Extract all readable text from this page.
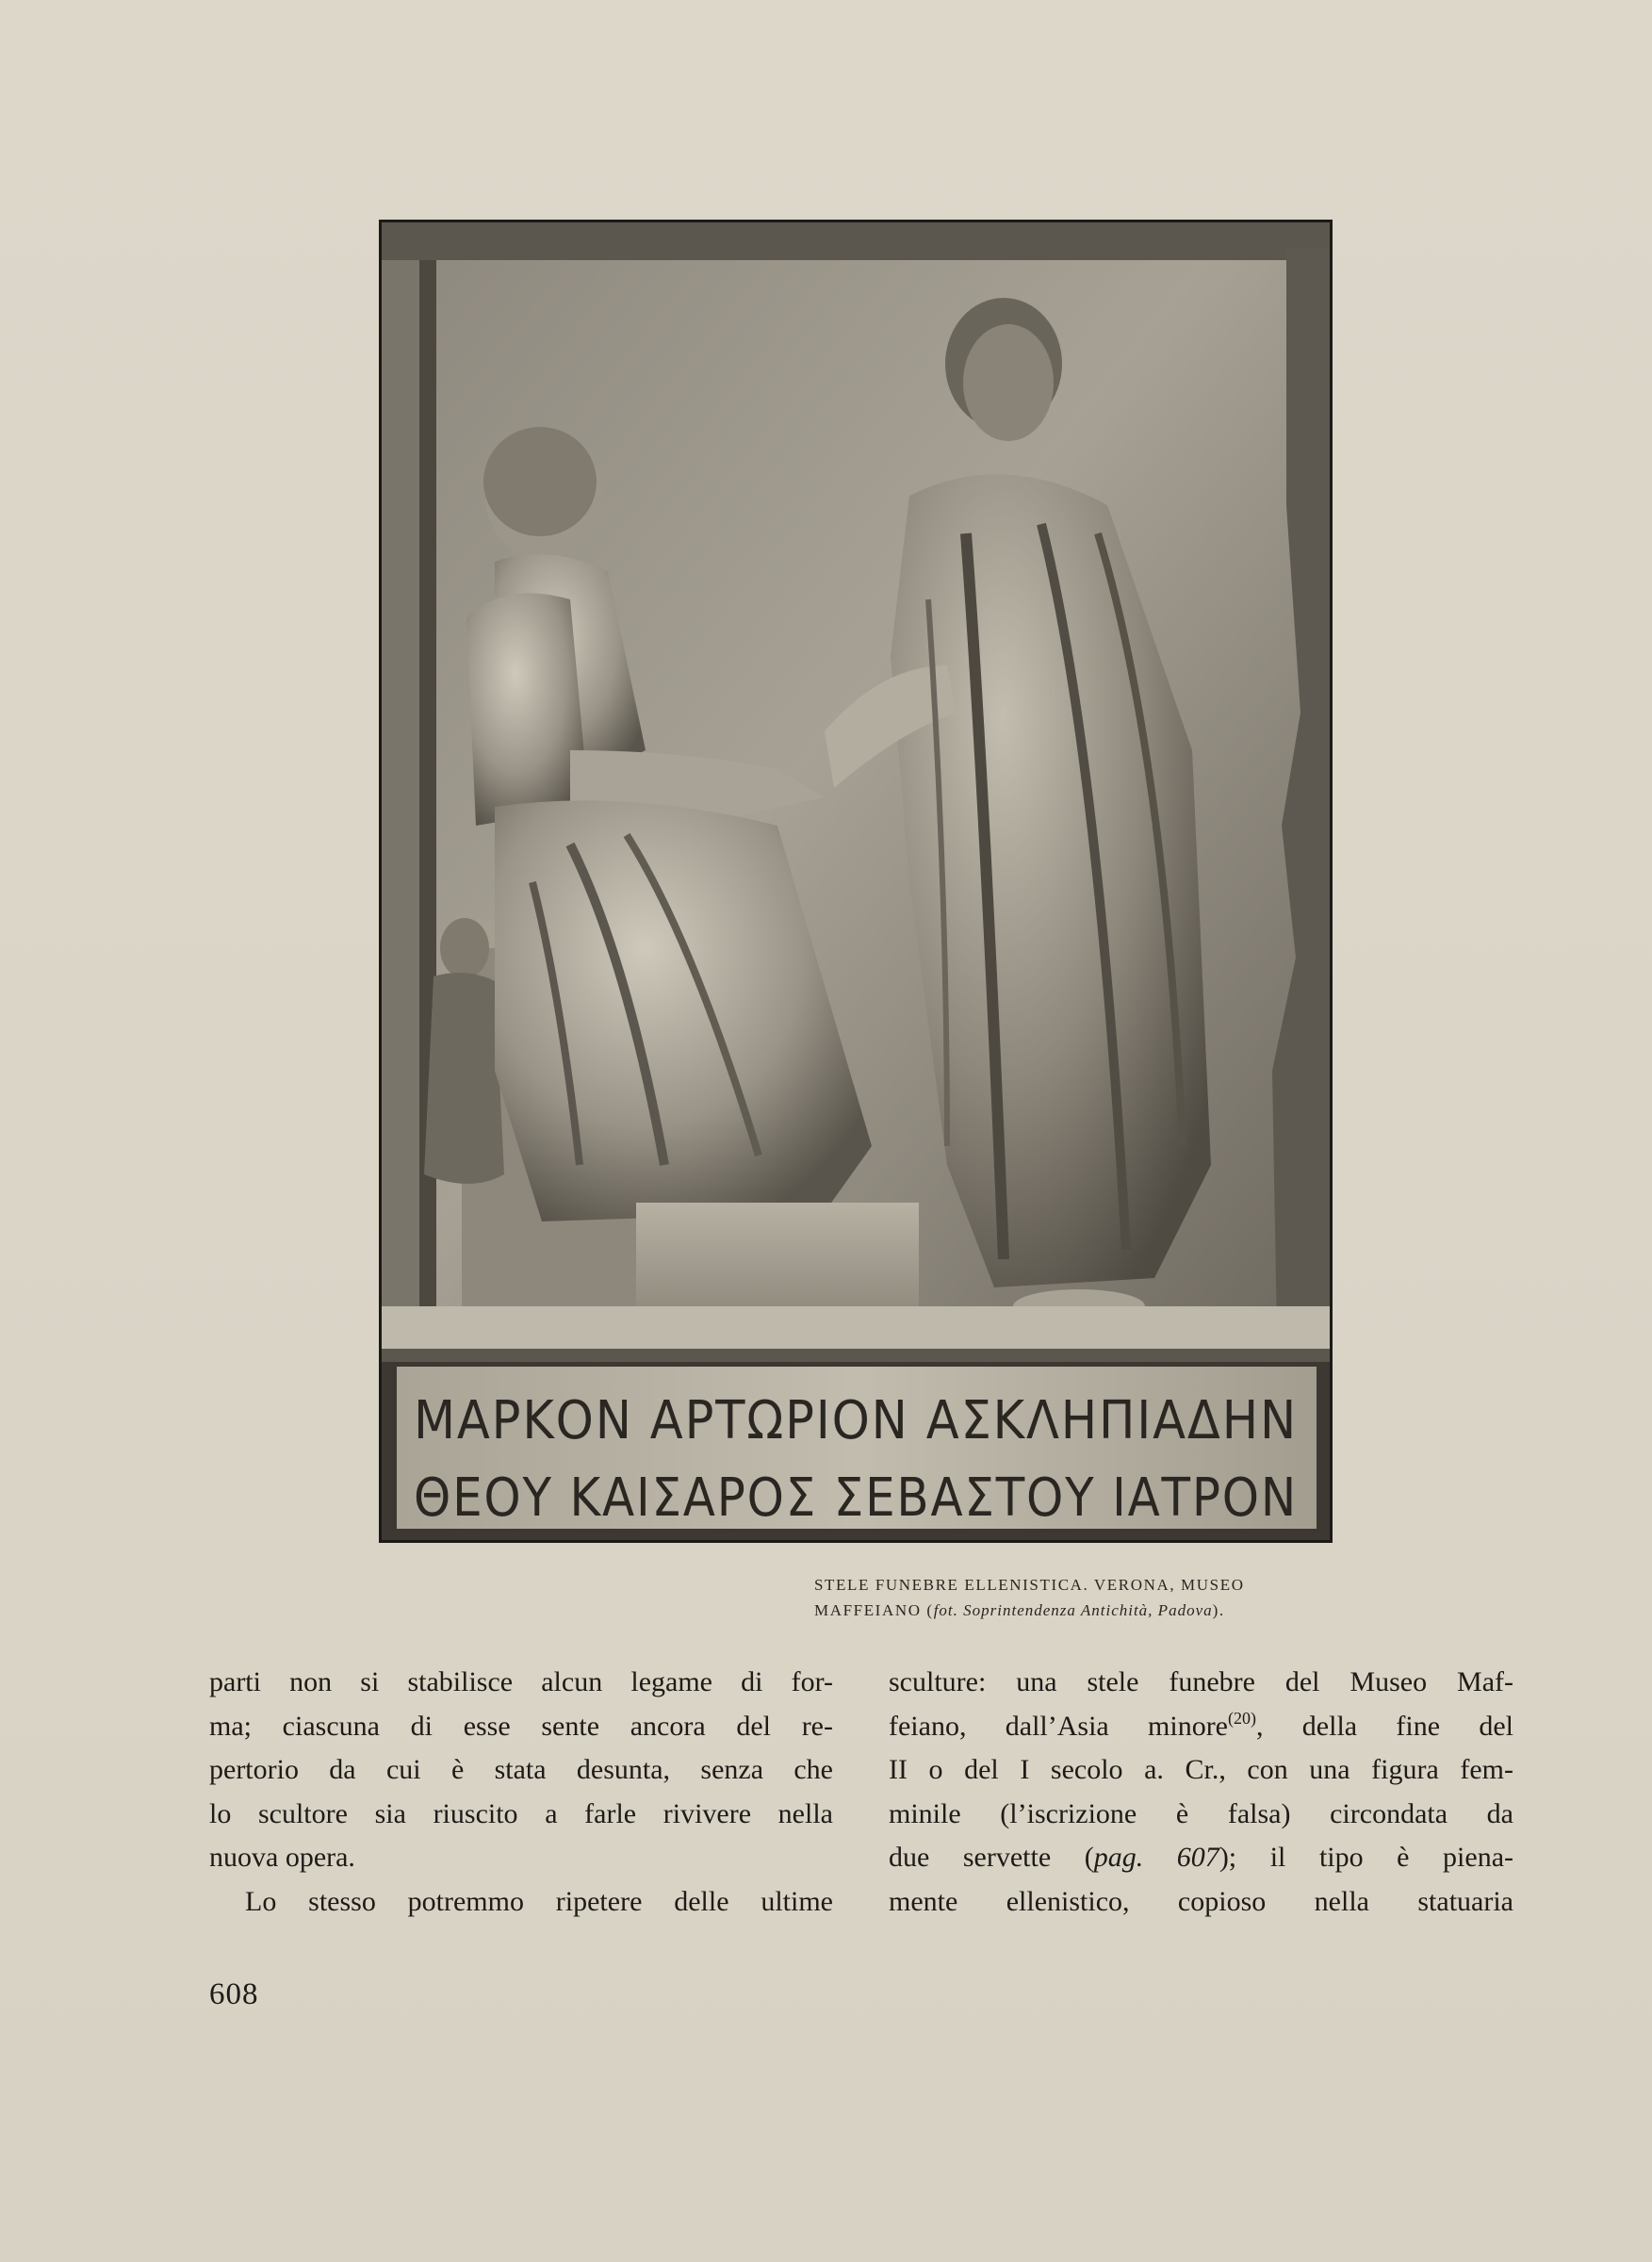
ΜΑΡΚΟΝ ΑΡΤΩΡΙΟΝ ΑΣΚΛΗΠΙΑΔΗΝ
ΘΕΟΥ ΚΑΙΣΑΡΟΣ ΣΕΒΑΣΤΟΥ ΙΑΤΡΟΝ
STELE FUNEBRE ELLENISTICA. VERONA, MUSEO
MAFFEIANO (fot. Soprintendenza Antichità, Padova).
parti non si stabilisce alcun legame di for-
ma; ciascuna di esse sente ancora del re-
pertorio da cui è stata desunta, senza che
lo scultore sia riuscito a farle rivivere nella
nuova opera.
Lo stesso potremmo ripetere delle ultime
sculture: una stele funebre del Museo Maf-
feiano, dall’Asia minore$^{(20)}$, della fine del
II o del I secolo a. Cr., con una figura fem-
minile (l’iscrizione è falsa) circondata da
due servette (pag. 607); il tipo è piena-
mente ellenistico, copioso nella statuaria
608
